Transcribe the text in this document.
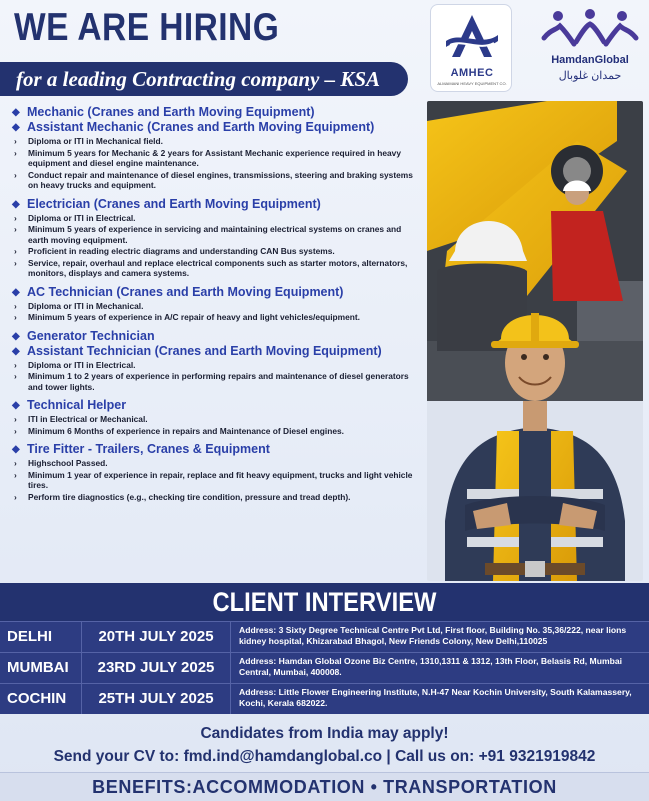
WE ARE HIRING
for a leading Contracting company – KSA	AMHEC
ALMAIMANI HEAVY EQUIPMENT CO.
HamdanGlobal
حمدان غلوبال
◆ Mechanic (Cranes and Earth Moving Equipment)
◆ Assistant Mechanic (Cranes and Earth Moving Equipment)
› Diploma or ITI in Mechanical field.
› Minimum 5 years for Mechanic & 2 years for Assistant Mechanic experience required in heavy equipment and diesel engine maintenance.
› Conduct repair and maintenance of diesel engines, transmissions, steering and braking systems on heavy trucks and equipment.
◆ Electrician (Cranes and Earth Moving Equipment)
› Diploma or ITI in Electrical.
› Minimum 5 years of experience in servicing and maintaining electrical systems on cranes and earth moving equipment.
› Proficient in reading electric diagrams and understanding CAN Bus systems.
› Service, repair, overhaul and replace electrical components such as starter motors, alternators, monitors, displays and camera systems.
◆ AC Technician (Cranes and Earth Moving Equipment)
› Diploma or ITI in Mechanical.
› Minimum 5 years of experience in A/C repair of heavy and light vehicles/equipment.
◆ Generator Technician
◆ Assistant Technician (Cranes and Earth Moving Equipment)
› Diploma or ITI in Electrical.
› Minimum 1 to 2 years of experience in performing repairs and maintenance of diesel generators and tower lights.
◆ Technical Helper
› ITI in Electrical or Mechanical.
› Minimum 6 Months of experience in repairs and Maintenance of Diesel engines.
◆ Tire Fitter - Trailers, Cranes & Equipment
› Highschool Passed.
› Minimum 1 year of experience in repair, replace and fit heavy equipment, trucks and light vehicle tires.
› Perform tire diagnostics (e.g., checking tire condition, pressure and tread depth).
CLIENT INTERVIEW
DELHI	20TH JULY 2025	Address: 3 Sixty Degree Technical Centre Pvt Ltd, First floor, Building No. 35,36/222, near lions kidney hospital, Khizarabad Bhagol, New Friends Colony, New Delhi,110025
MUMBAI	23RD JULY 2025	Address: Hamdan Global Ozone Biz Centre, 1310,1311 & 1312, 13th Floor, Belasis Rd, Mumbai Central, Mumbai, 400008.
COCHIN	25TH JULY 2025	Address: Little Flower Engineering Institute, N.H-47 Near Kochin University, South Kalamassery, Kochi, Kerala 682022.
Candidates from India may apply!
Send your CV to: fmd.ind@hamdanglobal.co | Call us on: +91 9321919842
BENEFITS:ACCOMMODATION • TRANSPORTATION
